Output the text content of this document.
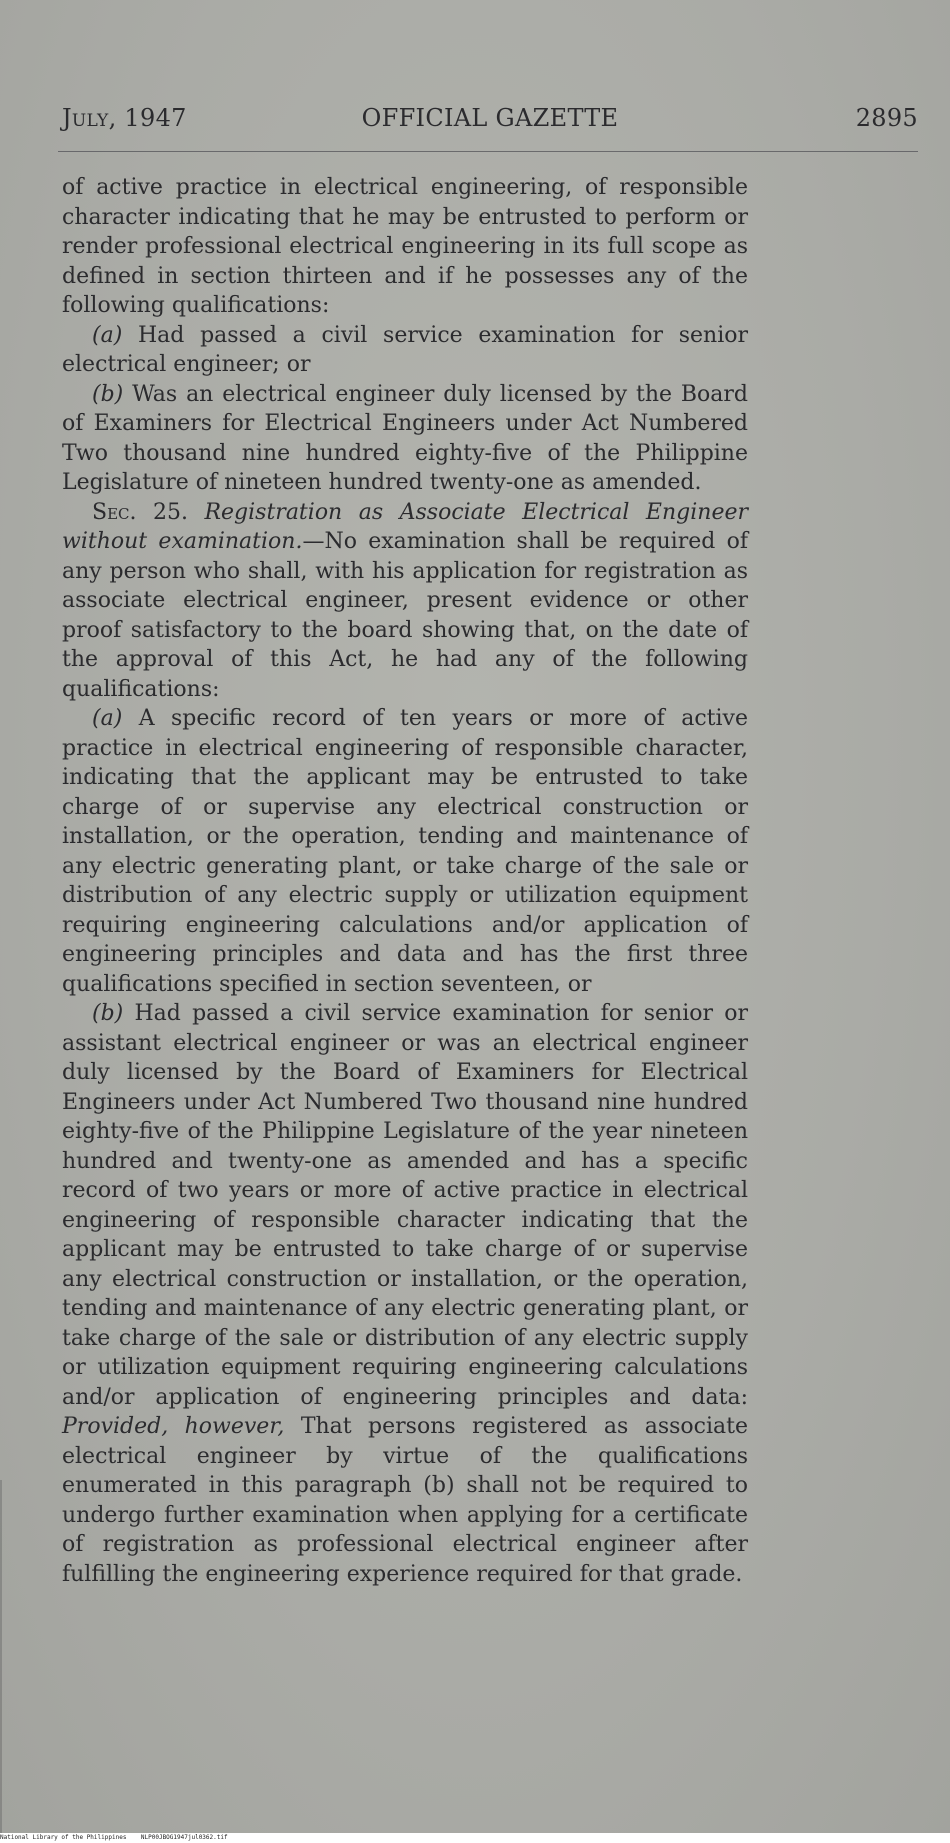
July, 1947	OFFICIAL GAZETTE	2895

of active practice in electrical engineering, of responsible character indicating that he may be entrusted to perform or render professional electrical engineering in its full scope as defined in section thirteen and if he possesses any of the following qualifications:

(a) Had passed a civil service examination for senior electrical engineer; or

(b) Was an electrical engineer duly licensed by the Board of Examiners for Electrical Engineers under Act Numbered Two thousand nine hundred eighty-five of the Philippine Legislature of nineteen hundred twenty-one as amended.

Sec. 25. Registration as Associate Electrical Engineer without examination.—No examination shall be required of any person who shall, with his application for registration as associate electrical engineer, present evidence or other proof satisfactory to the board showing that, on the date of the approval of this Act, he had any of the following qualifications:

(a) A specific record of ten years or more of active practice in electrical engineering of responsible character, indicating that the applicant may be entrusted to take charge of or supervise any electrical construction or installation, or the operation, tending and maintenance of any electric generating plant, or take charge of the sale or distribution of any electric supply or utilization equipment requiring engineering calculations and/or application of engineering principles and data and has the first three qualifications specified in section seventeen, or

(b) Had passed a civil service examination for senior or assistant electrical engineer or was an electrical engineer duly licensed by the Board of Examiners for Electrical Engineers under Act Numbered Two thousand nine hundred eighty-five of the Philippine Legislature of the year nineteen hundred and twenty-one as amended and has a specific record of two years or more of active practice in electrical engineering of responsible character indicating that the applicant may be entrusted to take charge of or supervise any electrical construction or installation, or the operation, tending and maintenance of any electric generating plant, or take charge of the sale or distribution of any electric supply or utilization equipment requiring engineering calculations and/or application of engineering principles and data: Provided, however, That persons registered as associate electrical engineer by virtue of the qualifications enumerated in this paragraph (b) shall not be required to undergo further examination when applying for a certificate of registration as professional electrical engineer after fulfilling the engineering experience required for that grade.

National Library of the Philippines NLP00JBOG1947jul0362.tif
